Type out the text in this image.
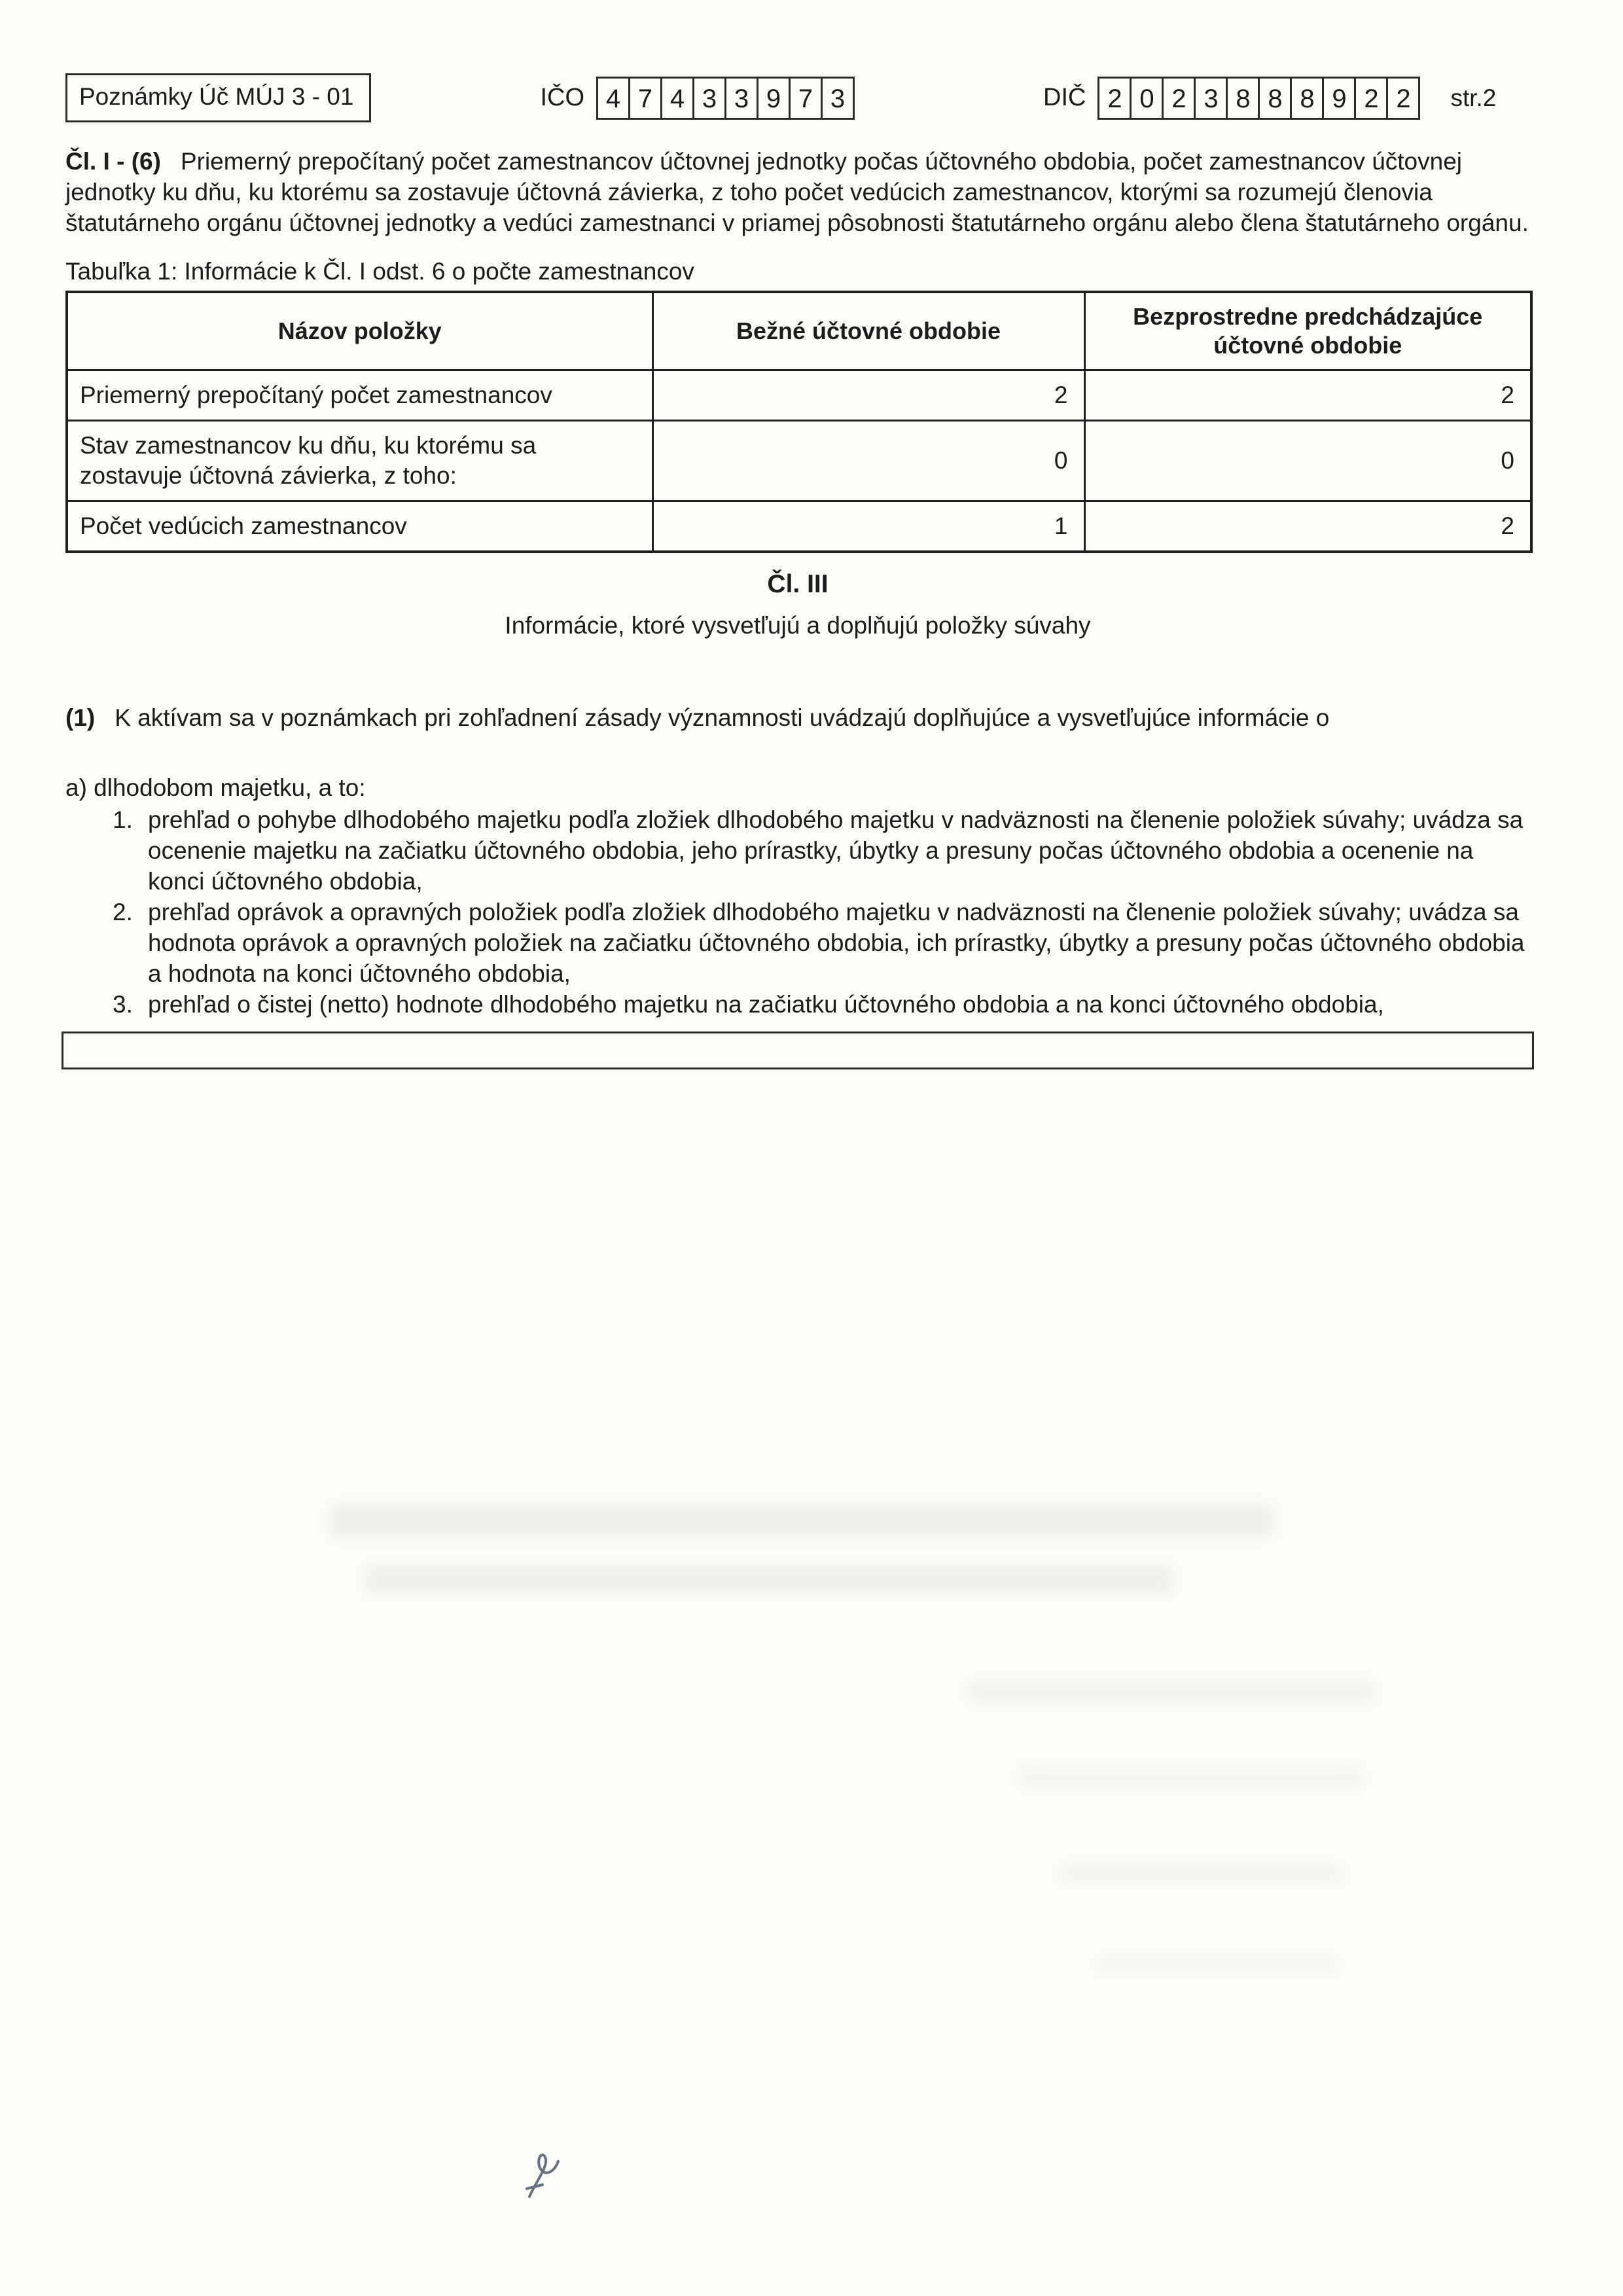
Poznámky Úč MÚJ 3 - 01	IČO 4 7 4 3 3 9 7 3	DIČ 2 0 2 3 8 8 8 9 2 2	str.2
Čl. I - (6) Priemerný prepočítaný počet zamestnancov účtovnej jednotky počas účtovného obdobia, počet zamestnancov účtovnej jednotky ku dňu, ku ktorému sa zostavuje účtovná závierka, z toho počet vedúcich zamestnancov, ktorými sa rozumejú členovia štatutárneho orgánu účtovnej jednotky a vedúci zamestnanci v priamej pôsobnosti štatutárneho orgánu alebo člena štatutárneho orgánu.
Tabuľka 1: Informácie k Čl. I odst. 6 o počte zamestnancov
Názov položky	Bežné účtovné obdobie	Bezprostredne predchádzajúce účtovné obdobie
Priemerný prepočítaný počet zamestnancov	2	2
Stav zamestnancov ku dňu, ku ktorému sa zostavuje účtovná závierka, z toho:	0	0
Počet vedúcich zamestnancov	1	2
Čl. III
Informácie, ktoré vysvetľujú a doplňujú položky súvahy
(1) K aktívam sa v poznámkach pri zohľadnení zásady významnosti uvádzajú doplňujúce a vysvetľujúce informácie o
a) dlhodobom majetku, a to:
1. prehľad o pohybe dlhodobého majetku podľa zložiek dlhodobého majetku v nadväznosti na členenie položiek súvahy; uvádza sa ocenenie majetku na začiatku účtovného obdobia, jeho prírastky, úbytky a presuny počas účtovného obdobia a ocenenie na konci účtovného obdobia,
2. prehľad oprávok a opravných položiek podľa zložiek dlhodobého majetku v nadväznosti na členenie položiek súvahy; uvádza sa hodnota oprávok a opravných položiek na začiatku účtovného obdobia, ich prírastky, úbytky a presuny počas účtovného obdobia a hodnota na konci účtovného obdobia,
3. prehľad o čistej (netto) hodnote dlhodobého majetku na začiatku účtovného obdobia a na konci účtovného obdobia,
